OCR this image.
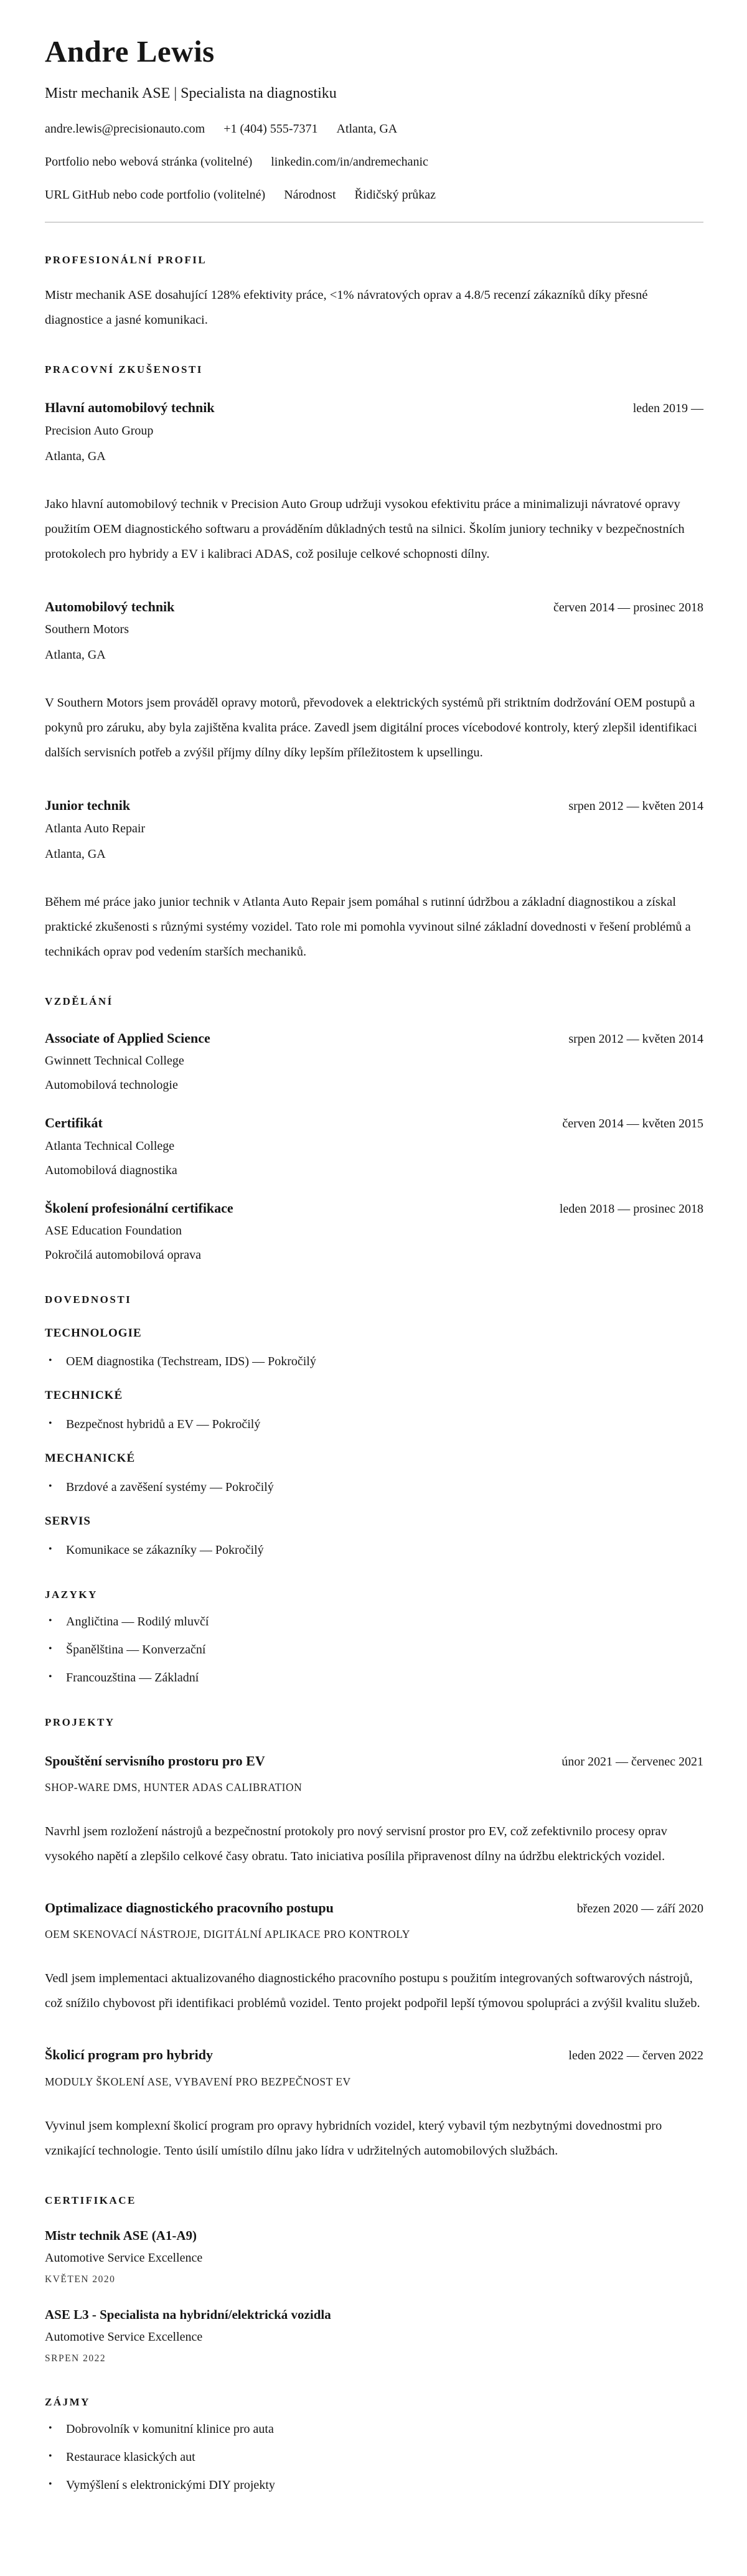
Andre Lewis
Mistr mechanik ASE | Specialista na diagnostiku
andre.lewis@precisionauto.com +1 (404) 555-7371 Atlanta, GA
Portfolio nebo webová stránka (volitelné) linkedin.com/in/andremechanic
URL GitHub nebo code portfolio (volitelné) Národnost Řidičský průkaz
PROFESIONÁLNÍ PROFIL

Mistr mechanik ASE dosahující 128% efektivity práce, <1% návratových oprav a 4.8/5 recenzí zákazníků díky přesné diagnostice a jasné komunikaci.

PRACOVNÍ ZKUŠENOSTI
Hlavní automobilový technik	leden 2019 —
Precision Auto Group
Atlanta, GA

Jako hlavní automobilový technik v Precision Auto Group udržuji vysokou efektivitu práce a minimalizuji návratové opravy použitím OEM diagnostického softwaru a prováděním důkladných testů na silnici. Školím juniory techniky v bezpečnostních protokolech pro hybridy a EV i kalibraci ADAS, což posiluje celkové schopnosti dílny.

Automobilový technik	červen 2014 — prosinec 2018
Southern Motors
Atlanta, GA

V Southern Motors jsem prováděl opravy motorů, převodovek a elektrických systémů při striktním dodržování OEM postupů a pokynů pro záruku, aby byla zajištěna kvalita práce. Zavedl jsem digitální proces vícebodové kontroly, který zlepšil identifikaci dalších servisních potřeb a zvýšil příjmy dílny díky lepším příležitostem k upsellingu.

Junior technik	srpen 2012 — květen 2014
Atlanta Auto Repair
Atlanta, GA

Během mé práce jako junior technik v Atlanta Auto Repair jsem pomáhal s rutinní údržbou a základní diagnostikou a získal praktické zkušenosti s různými systémy vozidel. Tato role mi pomohla vyvinout silné základní dovednosti v řešení problémů a technikách oprav pod vedením starších mechaniků.

VZDĚLÁNÍ
Associate of Applied Science	srpen 2012 — květen 2014
Gwinnett Technical College
Automobilová technologie
Certifikát	červen 2014 — květen 2015
Atlanta Technical College
Automobilová diagnostika
Školení profesionální certifikace	leden 2018 — prosinec 2018
ASE Education Foundation
Pokročilá automobilová oprava
DOVEDNOSTI
TECHNOLOGIE
• OEM diagnostika (Techstream, IDS) — Pokročilý
TECHNICKÉ
• Bezpečnost hybridů a EV — Pokročilý
MECHANICKÉ
• Brzdové a zavěšení systémy — Pokročilý
SERVIS
• Komunikace se zákazníky — Pokročilý
JAZYKY
• Angličtina — Rodilý mluvčí
• Španělština — Konverzační
• Francouzština — Základní
PROJEKTY
Spouštění servisního prostoru pro EV	únor 2021 — červenec 2021
SHOP-WARE DMS, HUNTER ADAS CALIBRATION

Navrhl jsem rozložení nástrojů a bezpečnostní protokoly pro nový servisní prostor pro EV, což zefektivnilo procesy oprav vysokého napětí a zlepšilo celkové časy obratu. Tato iniciativa posílila připravenost dílny na údržbu elektrických vozidel.

Optimalizace diagnostického pracovního postupu	březen 2020 — září 2020
OEM SKENOVACÍ NÁSTROJE, DIGITÁLNÍ APLIKACE PRO KONTROLY

Vedl jsem implementaci aktualizovaného diagnostického pracovního postupu s použitím integrovaných softwarových nástrojů, což snížilo chybovost při identifikaci problémů vozidel. Tento projekt podpořil lepší týmovou spolupráci a zvýšil kvalitu služeb.

Školicí program pro hybridy	leden 2022 — červen 2022
MODULY ŠKOLENÍ ASE, VYBAVENÍ PRO BEZPEČNOST EV

Vyvinul jsem komplexní školicí program pro opravy hybridních vozidel, který vybavil tým nezbytnými dovednostmi pro vznikající technologie. Tento úsilí umístilo dílnu jako lídra v udržitelných automobilových službách.

CERTIFIKACE
Mistr technik ASE (A1-A9)
Automotive Service Excellence
KVĚTEN 2020
ASE L3 - Specialista na hybridní/elektrická vozidla
Automotive Service Excellence
SRPEN 2022
ZÁJMY
• Dobrovolník v komunitní klinice pro auta
• Restaurace klasických aut
• Vymýšlení s elektronickými DIY projekty
